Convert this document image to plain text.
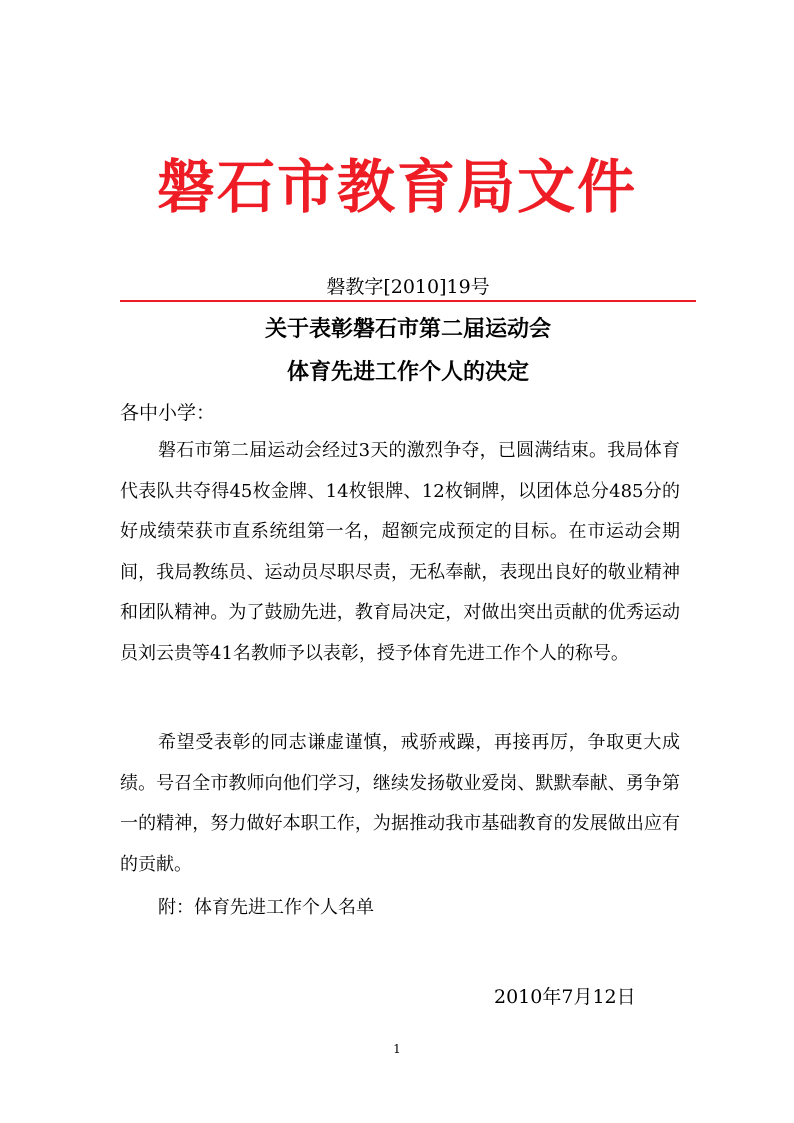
磐石市教育局文件
磐教字[2010]19号
关于表彰磐石市第二届运动会
体育先进工作个人的决定
各中小学：
磐石市第二届运动会经过3天的激烈争夺，已圆满结束。我局体育代表队共夺得45枚金牌、14枚银牌、12枚铜牌，以团体总分485分的好成绩荣获市直系统组第一名，超额完成预定的目标。在市运动会期间，我局教练员、运动员尽职尽责，无私奉献，表现出良好的敬业精神和团队精神。为了鼓励先进，教育局决定，对做出突出贡献的优秀运动员刘云贵等41名教师予以表彰，授予体育先进工作个人的称号。
希望受表彰的同志谦虚谨慎，戒骄戒躁，再接再厉，争取更大成绩。号召全市教师向他们学习，继续发扬敬业爱岗、默默奉献、勇争第一的精神，努力做好本职工作，为据推动我市基础教育的发展做出应有的贡献。
附：体育先进工作个人名单
2010年7月12日
1
